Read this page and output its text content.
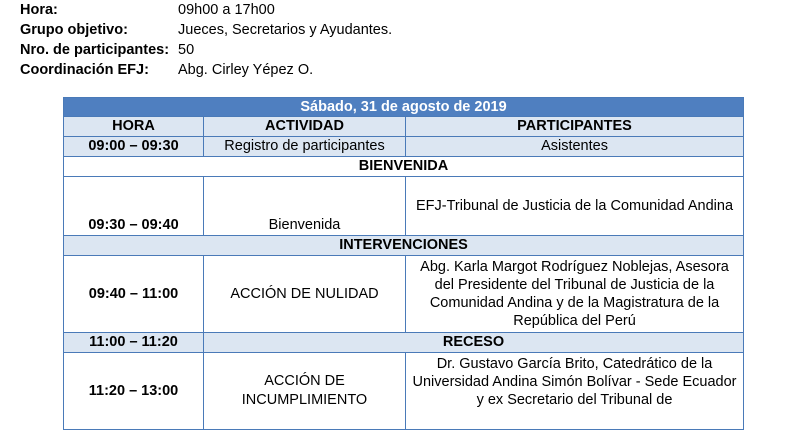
Hora:	09h00 a 17h00
Grupo objetivo:	Jueces, Secretarios y Ayudantes.
Nro. de participantes: 50
Coordinación EFJ:	Abg. Cirley Yépez O.
Sábado, 31 de agosto de 2019		
HORA	ACTIVIDAD	PARTICIPANTES
09:00 – 09:30	Registro de participantes	Asistentes
BIENVENIDA		
09:30 – 09:40	Bienvenida	EFJ-Tribunal de Justicia de la Comunidad Andina
INTERVENCIONES		
09:40 – 11:00	ACCIÓN DE NULIDAD	Abg. Karla Margot Rodríguez Noblejas, Asesora del Presidente del Tribunal de Justicia de la Comunidad Andina y de la Magistratura de la República del Perú
11:00 – 11:20	RECESO	
11:20 – 13:00	ACCIÓN DE INCUMPLIMIENTO	Dr. Gustavo García Brito, Catedrático de la Universidad Andina Simón Bolívar - Sede Ecuador y ex Secretario del Tribunal de
